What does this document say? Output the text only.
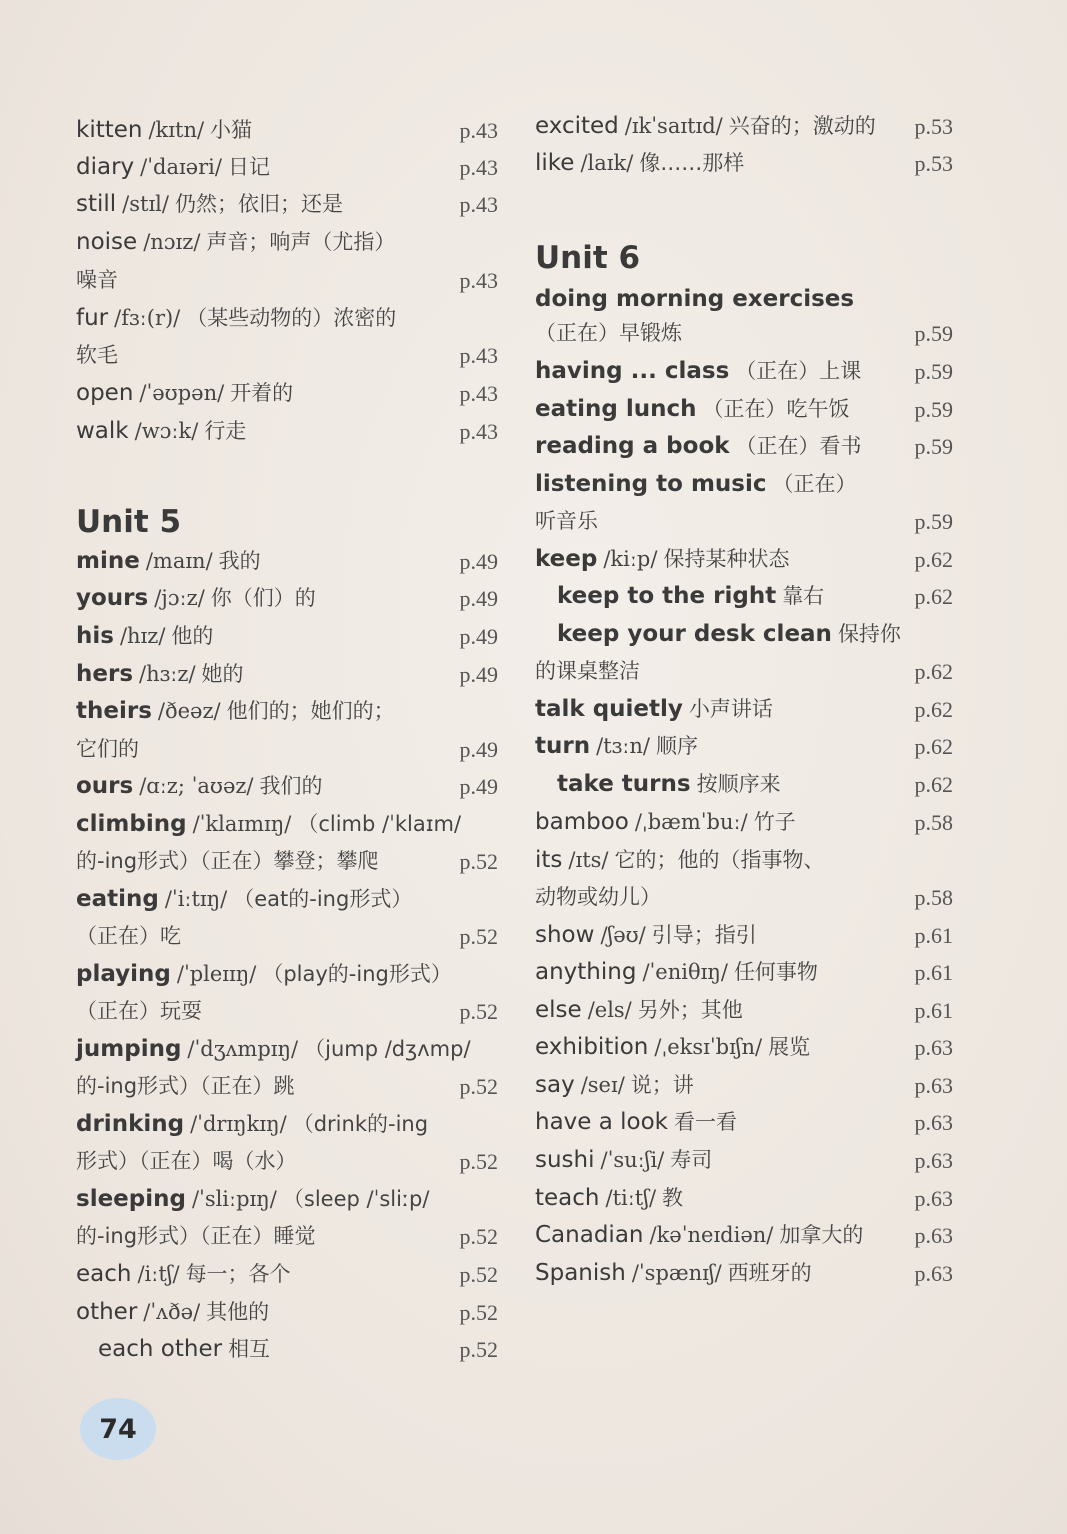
Unit 5
kitten /kɪtn/ 小猫	p.43
diary /ˈdaɪəri/ 日记	p.43
still /stɪl/ 仍然；依旧；还是	p.43
noise /nɔɪz/ 声音；响声（尤指）
噪音	p.43
fur /fɜː(r)/ （某些动物的）浓密的
软毛	p.43
open /ˈəʊpən/ 开着的	p.43
walk /wɔːk/ 行走	p.43
mine /maɪn/ 我的	p.49
yours /jɔːz/ 你（们）的	p.49
his /hɪz/ 他的	p.49
hers /hɜːz/ 她的	p.49
theirs /ðeəz/ 他们的；她们的；
它们的	p.49
ours /ɑːz; ˈaʊəz/ 我们的	p.49
climbing /ˈklaɪmɪŋ/ （climb /ˈklaɪm/
的-ing形式）（正在）攀登；攀爬	p.52
eating /ˈiːtɪŋ/ （eat的-ing形式）
（正在）吃	p.52
playing /ˈpleɪɪŋ/ （play的-ing形式）
（正在）玩耍	p.52
jumping /ˈdʒʌmpɪŋ/ （jump /dʒʌmp/
的-ing形式）（正在）跳	p.52
drinking /ˈdrɪŋkɪŋ/ （drink的-ing
形式）（正在）喝（水）	p.52
sleeping /ˈsliːpɪŋ/ （sleep /ˈsliːp/
的-ing形式）（正在）睡觉	p.52
each /iːtʃ/ 每一；各个	p.52
other /ˈʌðə/ 其他的	p.52
each other 相互	p.52
Unit 6
excited /ɪkˈsaɪtɪd/ 兴奋的；激动的 p.53
like /laɪk/ 像……那样	p.53
doing morning exercises
（正在）早锻炼	p.59
having ... class （正在）上课 p.59
eating lunch （正在）吃午饭	p.59
reading a book （正在）看书 p.59
listening to music （正在）
听音乐	p.59
keep /kiːp/ 保持某种状态	p.62
keep to the right 靠右	p.62
keep your desk clean 保持你
的课桌整洁	p.62
talk quietly 小声讲话	p.62
turn /tɜːn/ 顺序	p.62
take turns 按顺序来	p.62
bamboo /ˌbæmˈbuː/ 竹子	p.58
its /ɪts/ 它的；他的（指事物、
动物或幼儿）	p.58
show /ʃəʊ/ 引导；指引	p.61
anything /ˈeniθɪŋ/ 任何事物	p.61
else /els/ 另外；其他	p.61
exhibition /ˌeksɪˈbɪʃn/ 展览	p.63
say /seɪ/ 说；讲	p.63
have a look 看一看	p.63
sushi /ˈsuːʃi/ 寿司	p.63
teach /tiːtʃ/ 教	p.63
Canadian /kəˈneɪdiən/ 加拿大的 p.63
Spanish /ˈspænɪʃ/ 西班牙的	p.63
74
